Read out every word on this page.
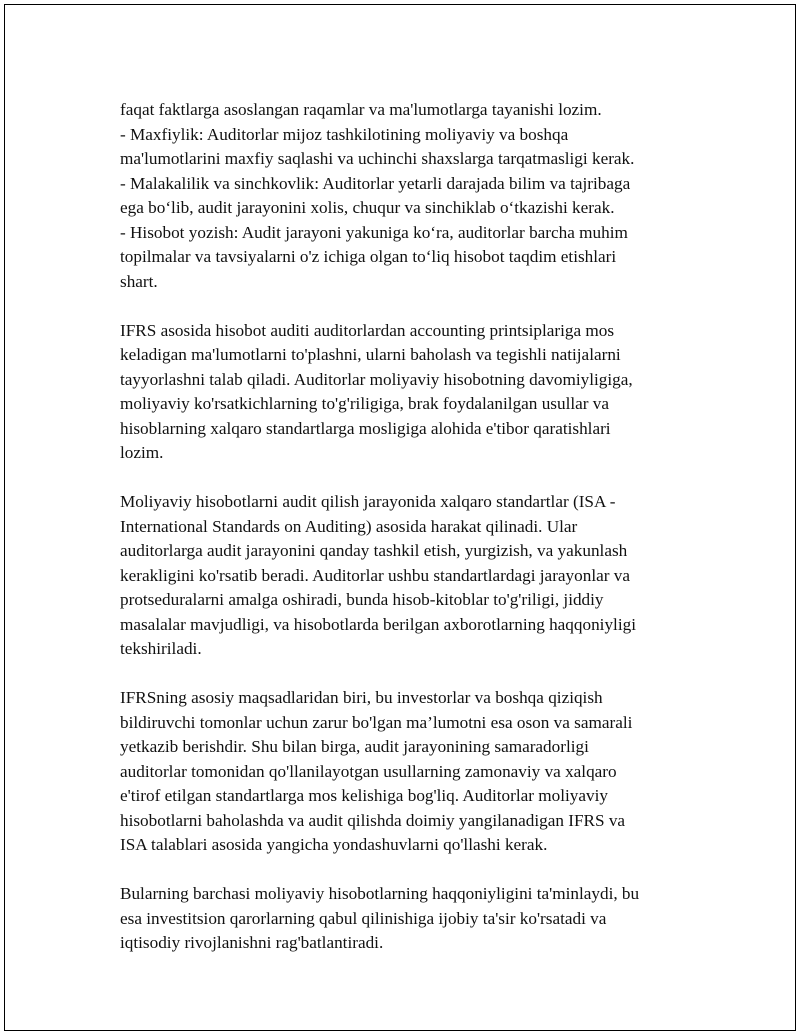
faqat faktlarga asoslangan raqamlar va ma'lumotlarga tayanishi lozim.
- Maxfiylik: Auditorlar mijoz tashkilotining moliyaviy va boshqa
ma'lumotlarini maxfiy saqlashi va uchinchi shaxslarga tarqatmasligi kerak.
- Malakalilik va sinchkovlik: Auditorlar yetarli darajada bilim va tajribaga
ega bo‘lib, audit jarayonini xolis, chuqur va sinchiklab o‘tkazishi kerak.
- Hisobot yozish: Audit jarayoni yakuniga ko‘ra, auditorlar barcha muhim
topilmalar va tavsiyalarni o'z ichiga olgan to‘liq hisobot taqdim etishlari
shart.

IFRS asosida hisobot auditi auditorlardan accounting printsiplariga mos
keladigan ma'lumotlarni to'plashni, ularni baholash va tegishli natijalarni
tayyorlashni talab qiladi. Auditorlar moliyaviy hisobotning davomiyligiga,
moliyaviy ko'rsatkichlarning to'g'riligiga, brak foydalanilgan usullar va
hisoblarning xalqaro standartlarga mosligiga alohida e'tibor qaratishlari
lozim.

Moliyaviy hisobotlarni audit qilish jarayonida xalqaro standartlar (ISA -
International Standards on Auditing) asosida harakat qilinadi. Ular
auditorlarga audit jarayonini qanday tashkil etish, yurgizish, va yakunlash
kerakligini ko'rsatib beradi. Auditorlar ushbu standartlardagi jarayonlar va
protseduralarni amalga oshiradi, bunda hisob-kitoblar to'g'riligi, jiddiy
masalalar mavjudligi, va hisobotlarda berilgan axborotlarning haqqoniyligi
tekshiriladi.

IFRSning asosiy maqsadlaridan biri, bu investorlar va boshqa qiziqish
bildiruvchi tomonlar uchun zarur bo'lgan ma’lumotni esa oson va samarali
yetkazib berishdir. Shu bilan birga, audit jarayonining samaradorligi
auditorlar tomonidan qo'llanilayotgan usullarning zamonaviy va xalqaro
e'tirof etilgan standartlarga mos kelishiga bog'liq. Auditorlar moliyaviy
hisobotlarni baholashda va audit qilishda doimiy yangilanadigan IFRS va
ISA talablari asosida yangicha yondashuvlarni qo'llashi kerak.

Bularning barchasi moliyaviy hisobotlarning haqqoniyligini ta'minlaydi, bu
esa investitsion qarorlarning qabul qilinishiga ijobiy ta'sir ko'rsatadi va
iqtisodiy rivojlanishni rag'batlantiradi.
